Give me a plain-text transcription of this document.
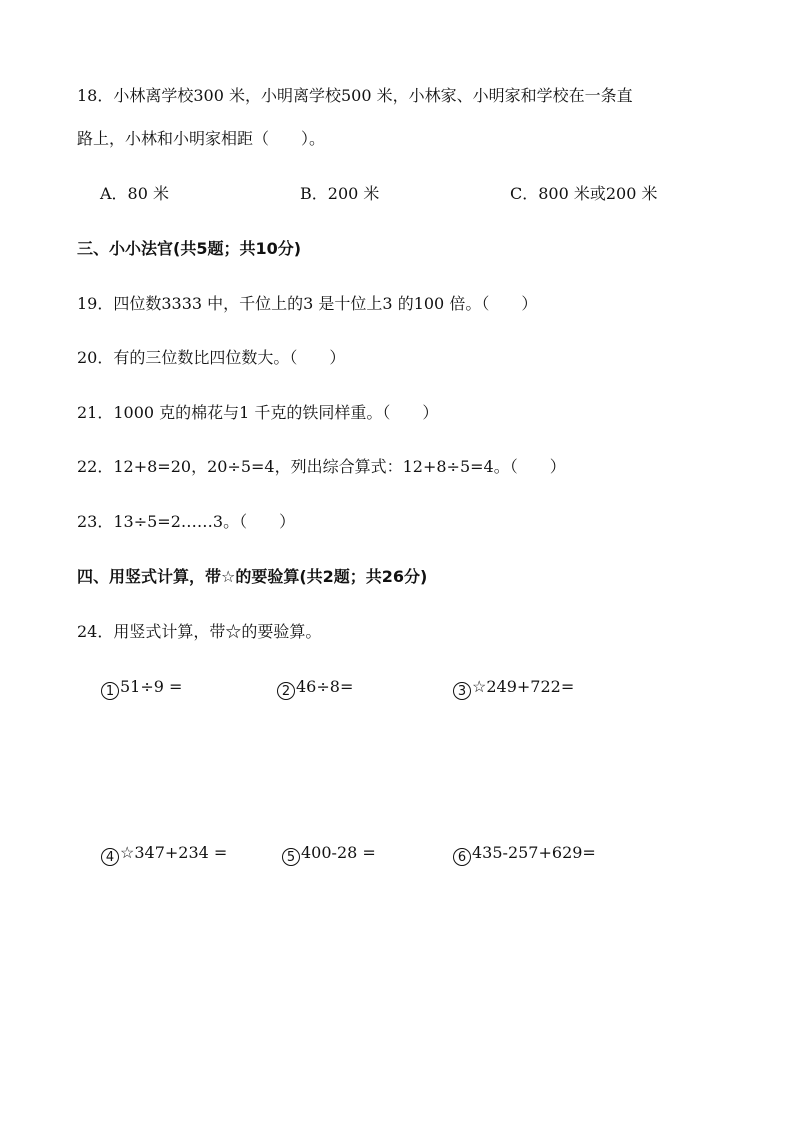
18．小林离学校300 米，小明离学校500 米，小林家、小明家和学校在一条直
路上，小林和小明家相距（　　）。
A．80 米	B．200 米	C．800 米或200 米
三、小小法官(共5题；共10分)
19．四位数3333 中，千位上的3 是十位上3 的100 倍。（　　）
20．有的三位数比四位数大。（　　）
21．1000 克的棉花与1 千克的铁同样重。（　　）
22．12+8=20，20÷5=4，列出综合算式：12+8÷5=4。（　　）
23．13÷5=2……3。（　　）
四、用竖式计算，带☆的要验算(共2题；共26分)
24．用竖式计算，带☆的要验算。
1 51÷9 =	2 46÷8=	3 ☆249+722=
4 ☆347+234 =	5 400-28 =	6 435-257+629=
